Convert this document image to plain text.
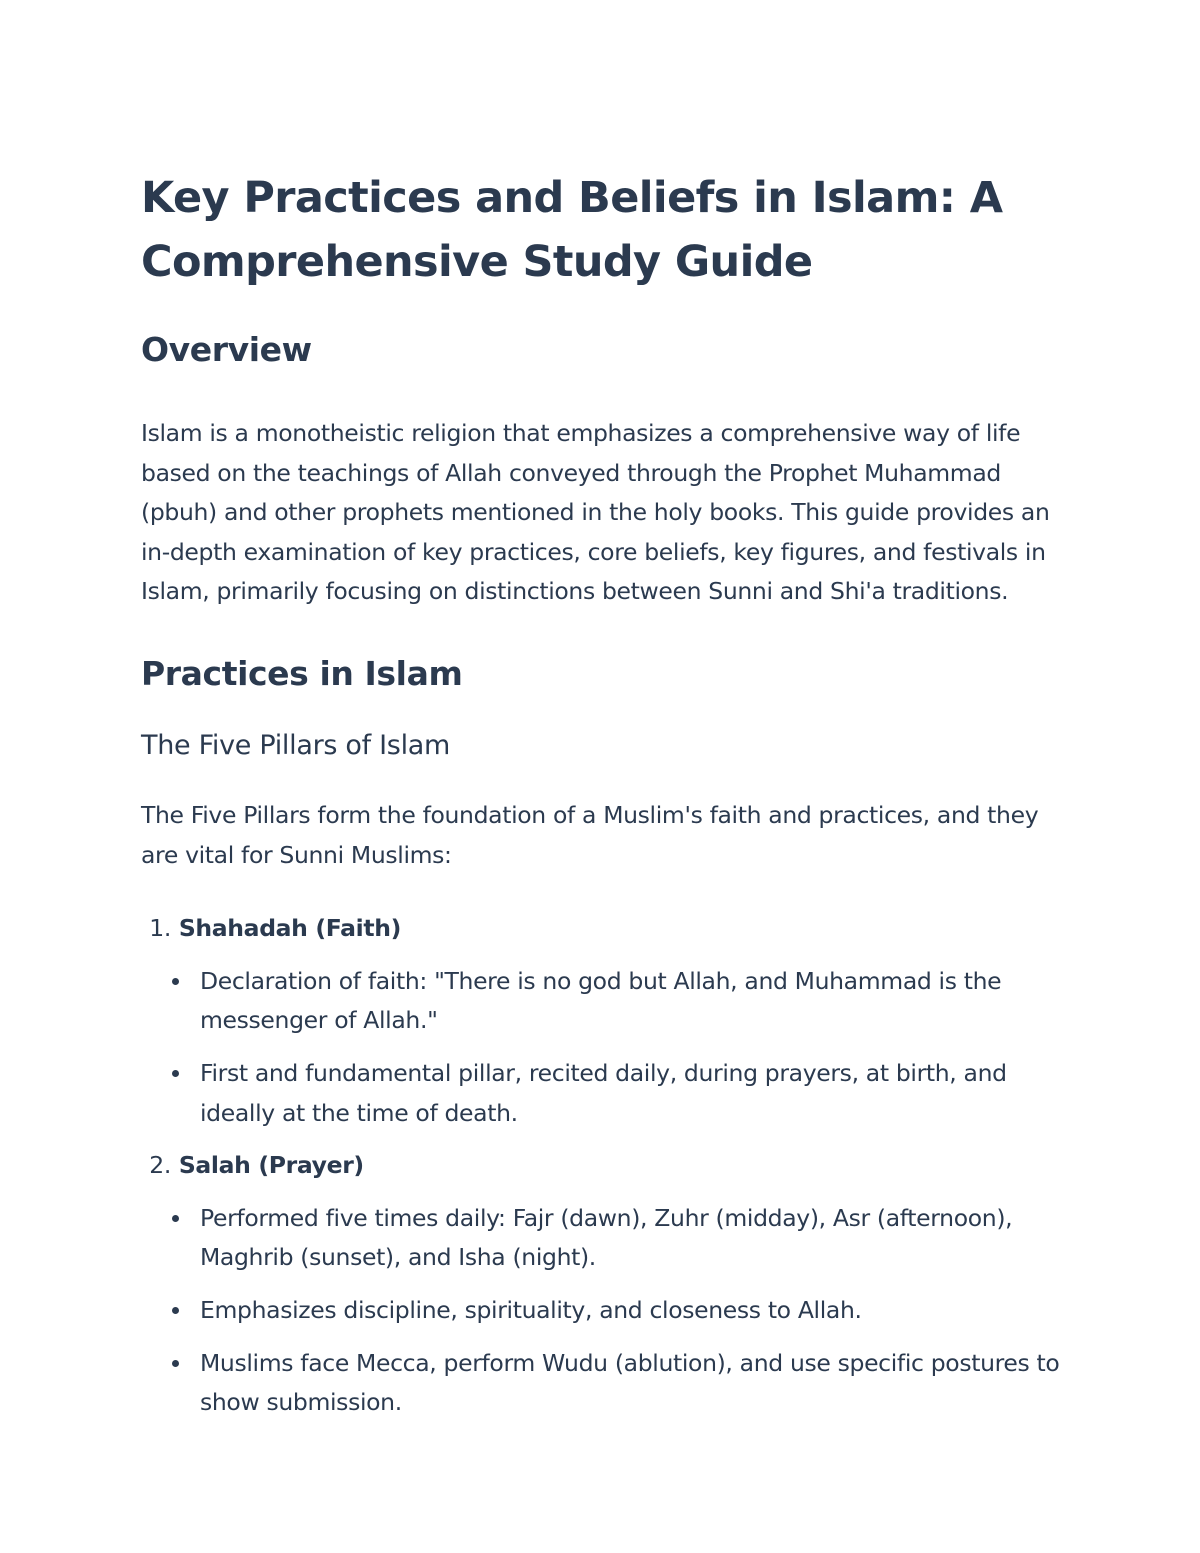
Key Practices and Beliefs in Islam: A Comprehensive Study Guide
Overview

Islam is a monotheistic religion that emphasizes a comprehensive way of life based on the teachings of Allah conveyed through the Prophet Muhammad (pbuh) and other prophets mentioned in the holy books. This guide provides an in-depth examination of key practices, core beliefs, key figures, and festivals in Islam, primarily focusing on distinctions between Sunni and Shi'a traditions.

Practices in Islam
The Five Pillars of Islam

The Five Pillars form the foundation of a Muslim's faith and practices, and they are vital for Sunni Muslims:

1.
Shahadah (Faith)
Declaration of faith: "There is no god but Allah, and Muhammad is the messenger of Allah."
First and fundamental pillar, recited daily, during prayers, at birth, and ideally at the time of death.
2.
Salah (Prayer)
Performed five times daily: Fajr (dawn), Zuhr (midday), Asr (afternoon), Maghrib (sunset), and Isha (night).
Emphasizes discipline, spirituality, and closeness to Allah.
Muslims face Mecca, perform Wudu (ablution), and use specific postures to show submission.
